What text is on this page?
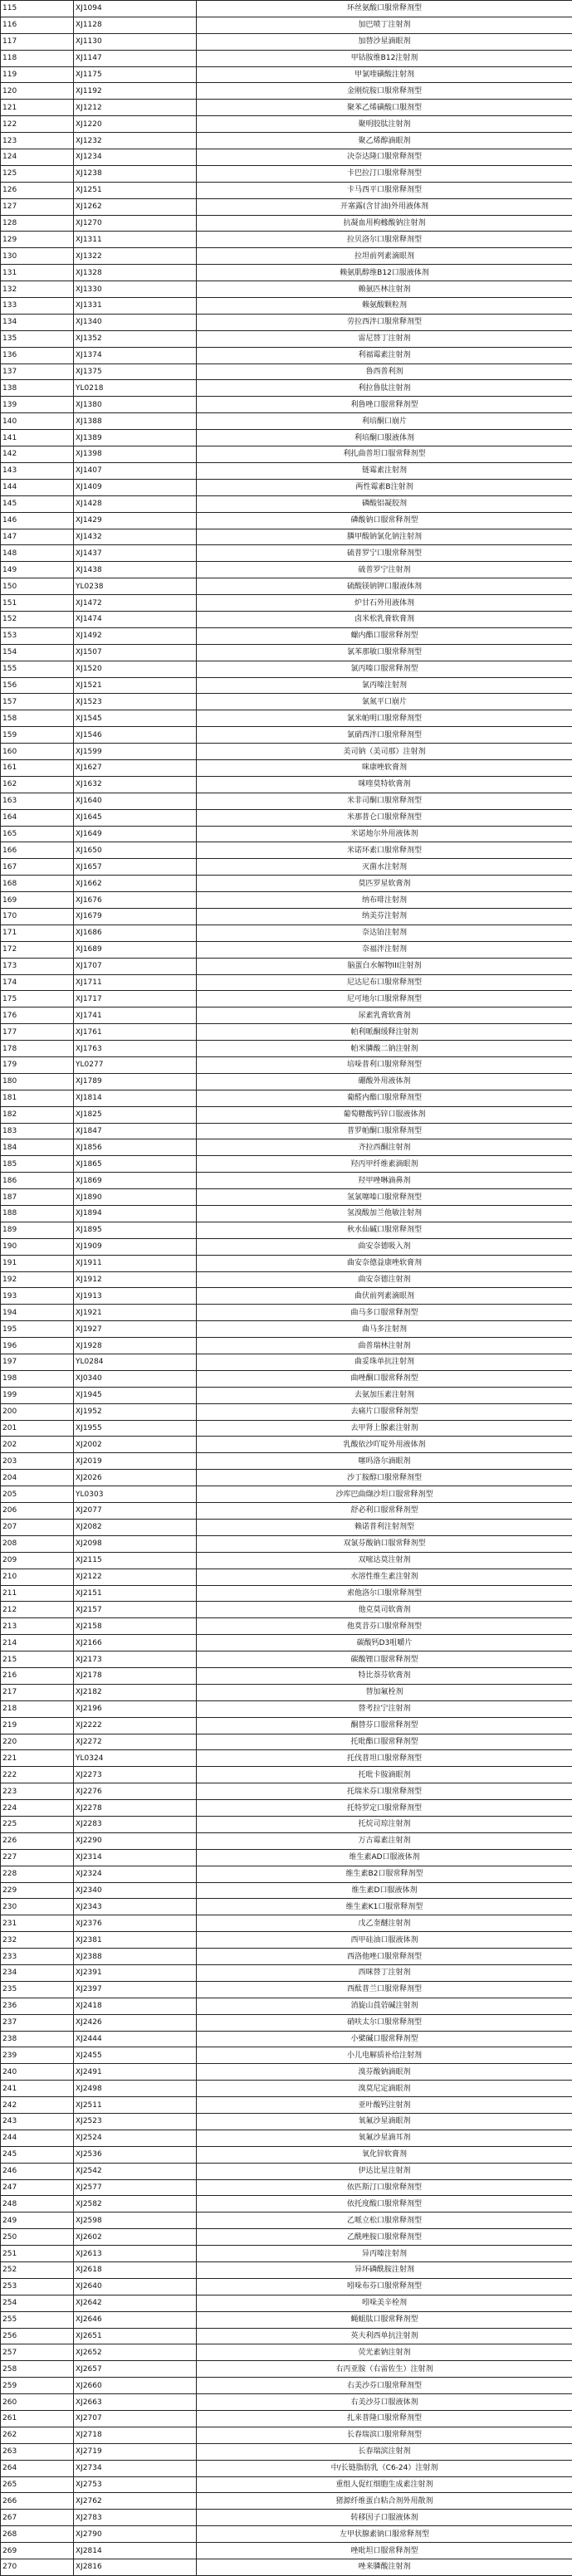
115	XJ1094	环丝氨酸口服常释剂型
116	XJ1128	加巴喷丁注射剂
117	XJ1130	加替沙星滴眼剂
118	XJ1147	甲钴胺维B12注射剂
119	XJ1175	甲氯喹磺酸注射剂
120	XJ1192	金刚烷胺口服常释剂型
121	XJ1212	聚苯乙烯磺酸口服剂型
122	XJ1220	聚明胶肽注射剂
123	XJ1232	聚乙烯醇滴眼剂
124	XJ1234	决奈达隆口服常释剂型
125	XJ1238	卡巴拉汀口服常释剂型
126	XJ1251	卡马西平口服常释剂型
127	XJ1262	开塞露(含甘油)外用液体剂
128	XJ1270	抗凝血用枸橼酸钠注射剂
129	XJ1311	拉贝洛尔口服常释剂型
130	XJ1322	拉坦前列素滴眼剂
131	XJ1328	赖氨肌醇维B12口服液体剂
132	XJ1330	赖氨匹林注射剂
133	XJ1331	赖氨酸颗粒剂
134	XJ1340	劳拉西泮口服常释剂型
135	XJ1352	雷尼替丁注射剂
136	XJ1374	利福霉素注射剂
137	XJ1375	鲁西普利剂
138	YL0218	利拉鲁肽注射剂
139	XJ1380	利鲁唑口服常释剂型
140	XJ1388	利培酮口崩片
141	XJ1389	利培酮口服液体剂
142	XJ1398	利扎曲普坦口服常释剂型
143	XJ1407	链霉素注射剂
144	XJ1409	两性霉素B注射剂
145	XJ1428	磷酸铝凝胶剂
146	XJ1429	磷酸钠口服常释剂型
147	XJ1432	膦甲酸钠氯化钠注射剂
148	XJ1437	硫普罗宁口服常释剂型
149	XJ1438	硫普罗宁注射剂
150	YL0238	硫酸镁钠钾口服液体剂
151	XJ1472	炉甘石外用液体剂
152	XJ1474	卤米松乳膏软膏剂
153	XJ1492	螺内酯口服常释剂型
154	XJ1507	氯苯那敏口服常释剂型
155	XJ1520	氯丙嗪口服常释剂型
156	XJ1521	氯丙嗪注射剂
157	XJ1523	氯氮平口崩片
158	XJ1545	氯米帕明口服常释剂型
159	XJ1546	氯硝西泮口服常释剂型
160	XJ1599	美司钠（美司那）注射剂
161	XJ1627	咪康唑软膏剂
162	XJ1632	咪喹莫特软膏剂
163	XJ1640	米非司酮口服常释剂型
164	XJ1645	米那普仑口服常释剂型
165	XJ1649	米诺地尔外用液体剂
166	XJ1650	米诺环素口服常释剂型
167	XJ1657	灭菌水注射剂
168	XJ1662	莫匹罗星软膏剂
169	XJ1676	纳布啡注射剂
170	XJ1679	纳美芬注射剂
171	XJ1686	奈达铂注射剂
172	XJ1689	奈福泮注射剂
173	XJ1707	脑蛋白水解物III注射剂
174	XJ1711	尼达尼布口服常释剂型
175	XJ1717	尼可地尔口服常释剂型
176	XJ1741	尿素乳膏软膏剂
177	XJ1761	帕利哌酮缓释注射剂
178	XJ1763	帕米膦酸二钠注射剂
179	YL0277	培哚普利口服常释剂型
180	XJ1789	硼酸外用液体剂
181	XJ1814	葡醛内酯口服常释剂型
182	XJ1825	葡萄糖酸钙锌口服液体剂
183	XJ1847	普罗帕酮口服常释剂型
184	XJ1856	齐拉西酮注射剂
185	XJ1865	羟丙甲纤维素滴眼剂
186	XJ1869	羟甲唑啉滴鼻剂
187	XJ1890	氢氯噻嗪口服常释剂型
188	XJ1894	氢溴酸加兰他敏注射剂
189	XJ1895	秋水仙碱口服常释剂型
190	XJ1909	曲安奈德吸入剂
191	XJ1911	曲安奈德益康唑软膏剂
192	XJ1912	曲安奈德注射剂
193	XJ1913	曲伏前列素滴眼剂
194	XJ1921	曲马多口服常释剂型
195	XJ1927	曲马多注射剂
196	XJ1928	曲普瑞林注射剂
197	YL0284	曲妥珠单抗注射剂
198	XJ0340	曲唑酮口服常释剂型
199	XJ1945	去氨加压素注射剂
200	XJ1952	去痛片口服常释剂型
201	XJ1955	去甲肾上腺素注射剂
202	XJ2002	乳酸依沙吖啶外用液体剂
203	XJ2019	噻吗洛尔滴眼剂
204	XJ2026	沙丁胺醇口服常释剂型
205	YL0303	沙库巴曲缬沙坦口服常释剂型
206	XJ2077	舒必利口服常释剂型
207	XJ2082	赖诺普利注射剂型
208	XJ2098	双氯芬酸钠口服常释剂型
209	XJ2115	双嘧达莫注射剂
210	XJ2122	水溶性维生素注射剂
211	XJ2151	索他洛尔口服常释剂型
212	XJ2157	他克莫司软膏剂
213	XJ2158	他莫昔芬口服常释剂型
214	XJ2166	碳酸钙D3咀嚼片
215	XJ2173	碳酸锂口服常释剂型
216	XJ2178	特比萘芬软膏剂
217	XJ2182	替加氟栓剂
218	XJ2196	替考拉宁注射剂
219	XJ2222	酮替芬口服常释剂型
220	XJ2272	托吡酯口服常释剂型
221	YL0324	托伐普坦口服常释剂型
222	XJ2273	托吡卡胺滴眼剂
223	XJ2276	托瑞米芬口服常释剂型
224	XJ2278	托特罗定口服常释剂型
225	XJ2283	托烷司琼注射剂
226	XJ2290	万古霉素注射剂
227	XJ2314	维生素AD口服液体剂
228	XJ2324	维生素B2口服常释剂型
229	XJ2340	维生素D口服液体剂
230	XJ2343	维生素K1口服常释剂型
231	XJ2376	戊乙奎醚注射剂
232	XJ2381	西甲硅油口服液体剂
233	XJ2388	西洛他唑口服常释剂型
234	XJ2391	西咪替丁注射剂
235	XJ2397	西酞普兰口服常释剂型
236	XJ2418	消旋山莨菪碱注射剂
237	XJ2426	硝呋太尔口服常释剂型
238	XJ2444	小檗碱口服常释剂型
239	XJ2455	小儿电解质补给注射剂
240	XJ2491	溴芬酸钠滴眼剂
241	XJ2498	溴莫尼定滴眼剂
242	XJ2511	亚叶酸钙注射剂
243	XJ2523	氧氟沙星滴眼剂
244	XJ2524	氧氟沙星滴耳剂
245	XJ2536	氧化锌软膏剂
246	XJ2542	伊达比星注射剂
247	XJ2577	依匹斯汀口服常释剂型
248	XJ2582	依托度酸口服常释剂型
249	XJ2598	乙哌立松口服常释剂型
250	XJ2602	乙酰唑胺口服常释剂型
251	XJ2613	异丙嗪注射剂
252	XJ2618	异环磷酰胺注射剂
253	XJ2640	吲哚布芬口服常释剂型
254	XJ2642	吲哚美辛栓剂
255	XJ2646	蝇蛆肽口服常释剂型
256	XJ2651	英夫利西单抗注射剂
257	XJ2652	荧光素钠注射剂
258	XJ2657	右丙亚胺（右雷佐生）注射剂
259	XJ2660	右美沙芬口服常释剂型
260	XJ2663	右美沙芬口服液体剂
261	XJ2707	扎来普隆口服常释剂型
262	XJ2718	长春瑞滨口服常释剂型
263	XJ2719	长春瑞滨注射剂
264	XJ2734	中/长链脂肪乳（C6-24）注射剂
265	XJ2753	重组人促红细胞生成素注射剂
266	XJ2762	猪源纤维蛋白粘合剂外用散剂
267	XJ2783	转移因子口服液体剂
268	XJ2790	左甲状腺素钠口服常释剂型
269	XJ2814	唑吡坦口服常释剂型
270	XJ2816	唑来膦酸注射剂
